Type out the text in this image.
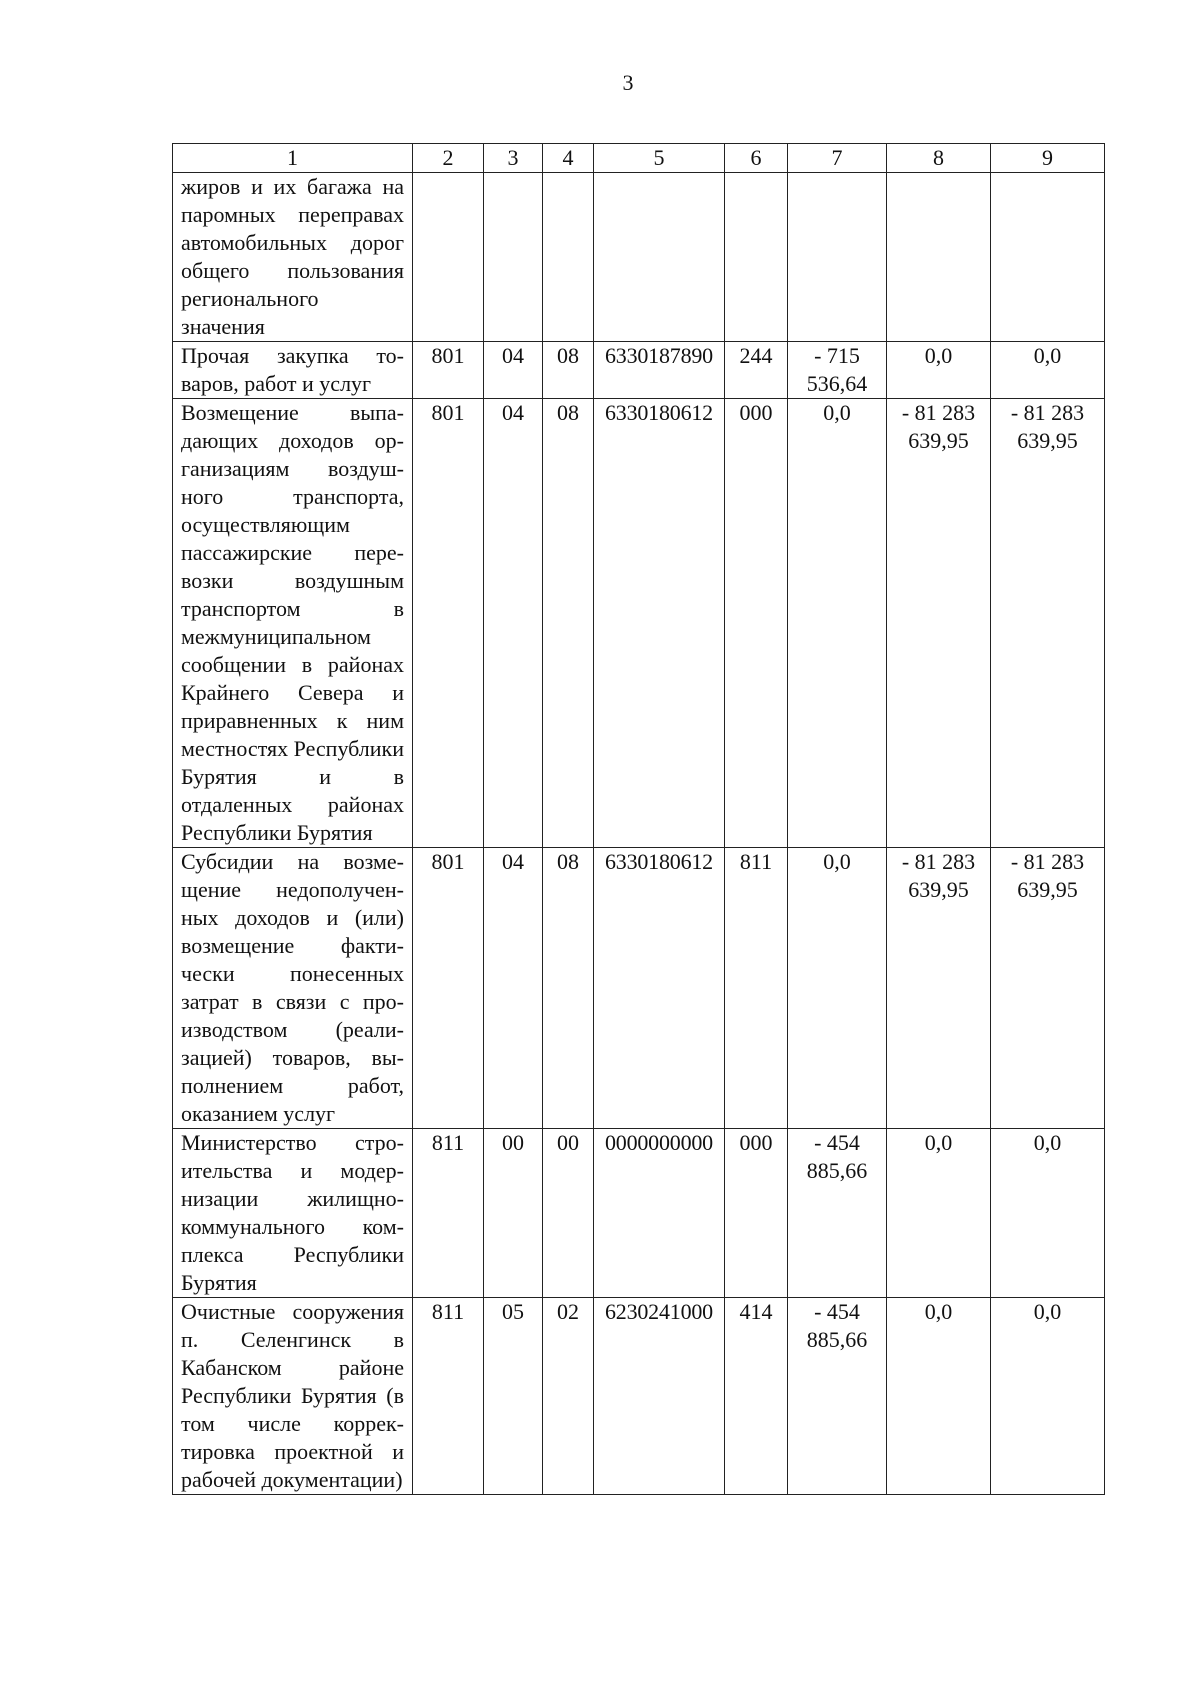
3
1	2	3	4	5	6	7	8	9
жиров и их багажа на паромных переправах автомобильных дорог общего пользования регионального значения								
Прочая закупка товаров, работ и услуг	801	04	08	6330187890	244	- 715 536,64	0,0	0,0
Возмещение выпадающих доходов организациям воздушного транспорта, осуществляющим пассажирские перевозки воздушным транспортом в межмуниципальном сообщении в районах Крайнего Севера и приравненных к ним местностях Республики Бурятия и в отдаленных районах Республики Бурятия	801	04	08	6330180612	000	0,0	- 81 283 639,95	- 81 283 639,95
Субсидии на возмещение недополученных доходов и (или) возмещение фактически понесенных затрат в связи с производством (реализацией) товаров, выполнением работ, оказанием услуг	801	04	08	6330180612	811	0,0	- 81 283 639,95	- 81 283 639,95
Министерство строительства и модернизации жилищно-коммунального комплекса Республики Бурятия	811	00	00	0000000000	000	- 454 885,66	0,0	0,0
Очистные сооружения п. Селенгинск в Кабанском районе Республики Бурятия (в том числе корректировка проектной и рабочей документации)	811	05	02	6230241000	414	- 454 885,66	0,0	0,0
